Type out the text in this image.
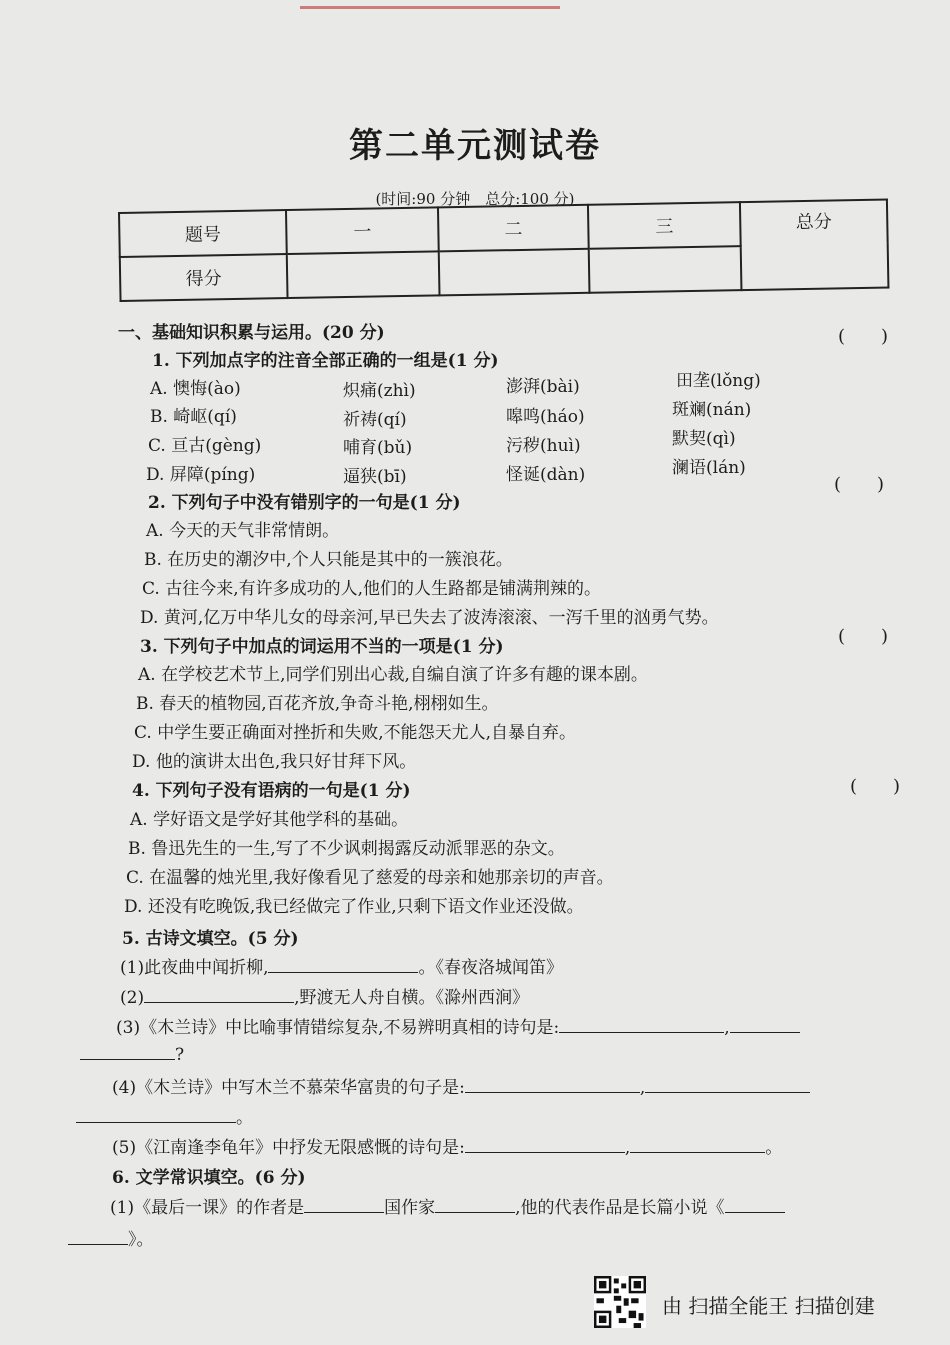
第二单元测试卷
(时间:90 分钟　总分:100 分)
题号	一	二	三	总分
得分				
一、基础知识积累与运用。(20 分)	(　　)
1. 下列加点字的注音全部正确的一组是(1 分)
A. 懊悔(ào)	炽痛(zhì)	澎湃(bài)	田垄(lǒng)
B. 崎岖(qí)	祈祷(qí)	嗥鸣(háo)	斑斓(nán)
C. 亘古(gèng)	哺育(bǔ)	污秽(huì)	默契(qì)
D. 屏障(píng)	逼狭(bī)	怪诞(dàn)	澜语(lán)
2. 下列句子中没有错别字的一句是(1 分)
(　　)
A. 今天的天气非常情朗。
B. 在历史的潮汐中,个人只能是其中的一簇浪花。
C. 古往今来,有许多成功的人,他们的人生路都是铺满荆辣的。
D. 黄河,亿万中华儿女的母亲河,早已失去了波涛滚滚、一泻千里的汹勇气势。
3. 下列句子中加点的词运用不当的一项是(1 分)	(　　)
A. 在学校艺术节上,同学们别出心裁,自编自演了许多有趣的课本剧。
B. 春天的植物园,百花齐放,争奇斗艳,栩栩如生。
C. 中学生要正确面对挫折和失败,不能怨天尤人,自暴自弃。
D. 他的演讲太出色,我只好甘拜下风。
4. 下列句子没有语病的一句是(1 分)	(　　)
A. 学好语文是学好其他学科的基础。
B. 鲁迅先生的一生,写了不少讽刺揭露反动派罪恶的杂文。
C. 在温馨的烛光里,我好像看见了慈爱的母亲和她那亲切的声音。
D. 还没有吃晚饭,我已经做完了作业,只剩下语文作业还没做。
5. 古诗文填空。(5 分)
(1)此夜曲中闻折柳,	。《春夜洛城闻笛》
(2)	,野渡无人舟自横。《滁州西涧》
(3)《木兰诗》中比喻事情错综复杂,不易辨明真相的诗句是:	,
?
(4)《木兰诗》中写木兰不慕荣华富贵的句子是:	,
。
(5)《江南逢李龟年》中抒发无限感慨的诗句是:	,	。
6. 文学常识填空。(6 分)
(1)《最后一课》的作者是	国作家	,他的代表作品是长篇小说《
》。
由 扫描全能王 扫描创建
